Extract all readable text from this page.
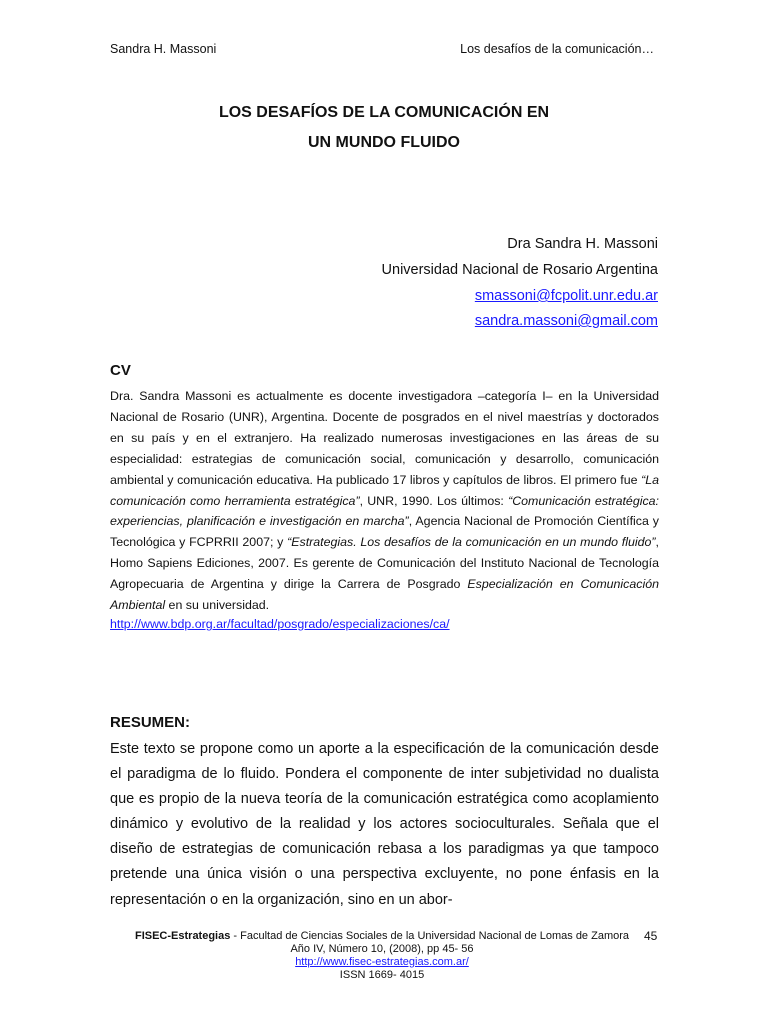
Sandra H. Massoni	Los desafíos de la comunicación…
LOS DESAFÍOS DE LA COMUNICACIÓN EN
UN MUNDO FLUIDO
Dra Sandra H. Massoni
Universidad Nacional de Rosario Argentina
smassoni@fcpolit.unr.edu.ar
sandra.massoni@gmail.com
CV

Dra. Sandra Massoni es actualmente es docente investigadora –categoría I– en la Universidad Nacional de Rosario (UNR), Argentina. Docente de posgrados en el nivel maestrías y doctorados en su país y en el extranjero. Ha realizado numerosas investigaciones en las áreas de su especialidad: estrategias de comunicación social, comunicación y desarrollo, comunicación ambiental y comunicación educativa. Ha publicado 17 libros y capítulos de libros. El primero fue “La comunicación como herramienta estratégica”, UNR, 1990. Los últimos: “Comunicación estratégica: experiencias, planificación e investigación en marcha”, Agencia Nacional de Promoción Científica y Tecnológica y FCPRRII 2007; y “Estrategias. Los desafíos de la comunicación en un mundo fluido”, Homo Sapiens Ediciones, 2007. Es gerente de Comunicación del Instituto Nacional de Tecnología Agropecuaria de Argentina y dirige la Carrera de Posgrado Especialización en Comunicación Ambiental en su universidad.

http://www.bdp.org.ar/facultad/posgrado/especializaciones/ca/
RESUMEN:

Este texto se propone como un aporte a la especificación de la comunicación desde el paradigma de lo fluido. Pondera el componente de inter subjetividad no dualista que es propio de la nueva teoría de la comunicación estratégica como acoplamiento dinámico y evolutivo de la realidad y los actores socioculturales. Señala que el diseño de estrategias de comunicación rebasa a los paradigmas ya que tampoco pretende una única visión o una perspectiva excluyente, no pone énfasis en la representación o en la organización, sino en un abor-

FISEC-Estrategias - Facultad de Ciencias Sociales de la Universidad Nacional de Lomas de Zamora
Año IV, Número 10, (2008), pp 45- 56
http://www.fisec-estrategias.com.ar/
ISSN 1669- 4015
45
